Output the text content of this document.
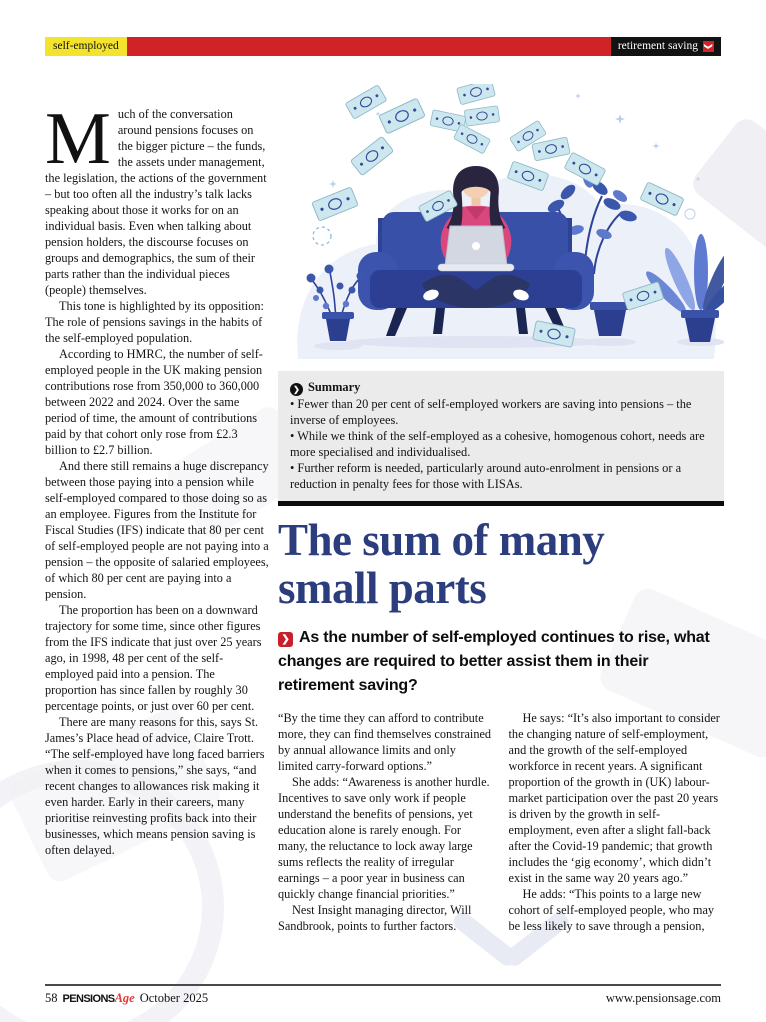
self-employed	retirement saving ❯

Much of the conversation around pensions focuses on the bigger picture – the funds, the assets under management, the legislation, the actions of the government – but too often all the industry’s talk lacks speaking about those it works for on an individual basis. Even when talking about pension holders, the discourse focuses on groups and demographics, the sum of their parts rather than the individual pieces (people) themselves.

This tone is highlighted by its opposition: The role of pensions savings in the habits of the self-employed population.

According to HMRC, the number of self-employed people in the UK making pension contributions rose from 350,000 to 360,000 between 2022 and 2024. Over the same period of time, the amount of contributions paid by that cohort only rose from £2.3 billion to £2.7 billion.

And there still remains a huge discrepancy between those paying into a pension while self-employed compared to those doing so as an employee. Figures from the Institute for Fiscal Studies (IFS) indicate that 80 per cent of self-employed people are not paying into a pension – the opposite of salaried employees, of which 80 per cent are paying into a pension.

The proportion has been on a downward trajectory for some time, since other figures from the IFS indicate that just over 25 years ago, in 1998, 48 per cent of the self-employed paid into a pension. The proportion has since fallen by roughly 30 percentage points, or just over 60 per cent.

There are many reasons for this, says St. James’s Place head of advice, Claire Trott. “The self-employed have long faced barriers when it comes to pensions,” she says, “and recent changes to allowances risk making it even harder. Early in their careers, many prioritise reinvesting profits back into their businesses, which means pension saving is often delayed.

❯ Summary

• Fewer than 20 per cent of self-employed workers are saving into pensions – the inverse of employees.

• While we think of the self-employed as a cohesive, homogenous cohort, needs are more specialised and individualised.

• Further reform is needed, particularly around auto-enrolment in pensions or a reduction in penalty fees for those with LISAs.

The sum of many
small parts

❯ As the number of self-employed continues to rise, what changes are required to better assist them in their retirement saving?

“By the time they can afford to contribute more, they can find themselves constrained by annual allowance limits and only limited carry-forward options.”

She adds: “Awareness is another hurdle. Incentives to save only work if people understand the benefits of pensions, yet education alone is rarely enough. For many, the reluctance to lock away large sums reflects the reality of irregular earnings – a poor year in business can quickly change financial priorities.”

Nest Insight managing director, Will Sandbrook, points to further factors.

He says: “It’s also important to consider the changing nature of self-employment, and the growth of the self-employed workforce in recent years. A significant proportion of the growth in (UK) labour-market participation over the past 20 years is driven by the growth in self-employment, even after a slight fall-back after the Covid-19 pandemic; that growth includes the ‘gig economy’, which didn’t exist in the same way 20 years ago.”

He adds: “This points to a large new cohort of self-employed people, who may be less likely to save through a pension,

58 PENSIONSAge October 2025	www.pensionsage.com
